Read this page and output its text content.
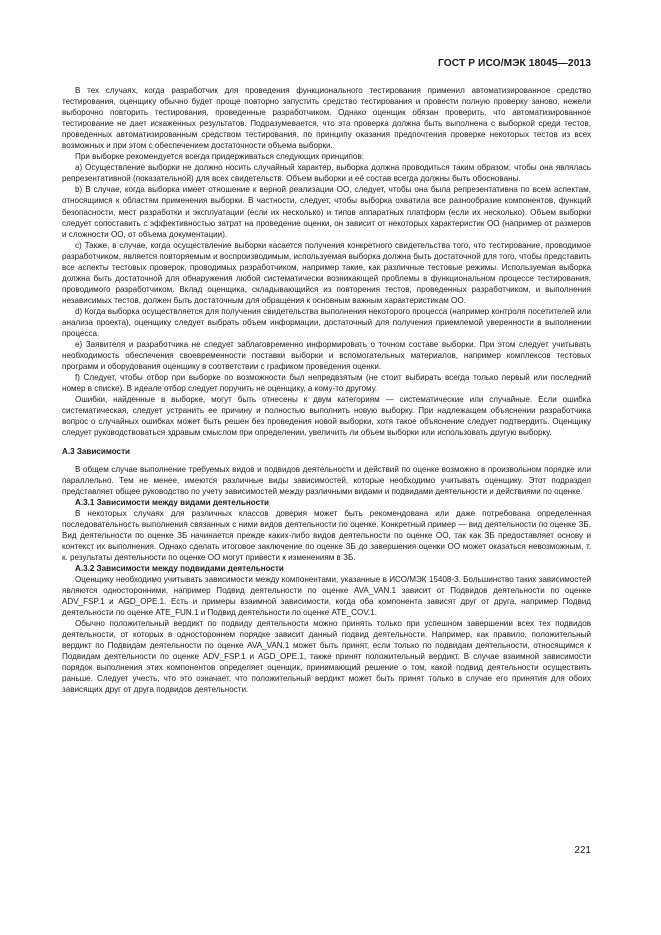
ГОСТ Р ИСО/МЭК 18045—2013

В тех случаях, когда разработчик для проведения функционального тестирования применил автоматизированное средство тестирования, оценщику обычно будет проще повторно запустить средство тестирования и провести полную проверку заново, нежели выборочно повторить тестирования, проведенные разработчиком. Однако оценщик обязан проверить, что автоматизированное тестирование не дает искаженных результатов. Подразумевается, что эта проверка должна быть выполнена с выборкой среди тестов, проведенных автоматизированным средством тестирования, по принципу оказания предпочтения проверке некоторых тестов из всех возможных и при этом с обеспечением достаточности объема выборки.

При выборке рекомендуется всегда придерживаться следующих принципов:

а) Осуществление выборки не должно носить случайный характер, выборка должна проводиться таким образом, чтобы она являлась репрезентативной (показательной) для всех свидетельств. Объем выборки и её состав всегда должны быть обоснованы.

b) В случае, когда выборка имеет отношение к верной реализации ОО, следует, чтобы она была репрезентативна по всем аспектам, относящимся к областям применения выборки. В частности, следует, чтобы выборка охватила все разнообразие компонентов, функций безопасности, мест разработки и эксплуатации (если их несколько) и типов аппаратных платформ (если их несколько). Объем выборки следует сопоставить с эффективностью затрат на проведение оценки, он зависит от некоторых характеристик ОО (например от размеров и сложности ОО, от объема документации).

c) Также, в случае, когда осуществление выборки касается получения конкретного свидетельства того, что тестирование, проводимое разработчиком, является повторяемым и воспроизводимым, используемая выборка должна быть достаточной для того, чтобы представить все аспекты тестовых проверок, проводимых разработчиком, например такие, как различные тестовые режимы. Используемая выборка должна быть достаточной для обнаружения любой систематически возникающей проблемы в функциональном процессе тестирования, проводимого разработчиком. Вклад оценщика, складывающийся из повторения тестов, проведенных разработчиком, и выполнения независимых тестов, должен быть достаточным для обращения к основным важным характеристикам ОО.

d) Когда выборка осуществляется для получения свидетельства выполнения некоторого процесса (например контроля посетителей или анализа проекта), оценщику следует выбрать объем информации, достаточный для получения приемлемой уверенности в выполнении процесса.

e) Заявителя и разработчика не следует заблаговременно информировать о точном составе выборки. При этом следует учитывать необходимость обеспечения своевременности поставки выборки и вспомогательных материалов, например комплексов тестовых программ и оборудования оценщику в соответствии с графиком проведения оценки.

f) Следует, чтобы отбор при выборке по возможности был непредвзятым (не стоит выбирать всегда только первый или последний номер в списке). В идеале отбор следует поручить не оценщику, а кому-то другому.

Ошибки, найденные в выборке, могут быть отнесены к двум категориям — систематические или случайные. Если ошибка систематическая, следует устранить ее причину и полностью выполнить новую выборку. При надлежащем объяснении разработчика вопрос о случайных ошибках может быть решен без проведения новой выборки, хотя такое объяснение следует подтвердить. Оценщику следует руководствоваться здравым смыслом при определении, увеличить ли объем выборки или использовать другую выборку.

A.3 Зависимости

В общем случае выполнение требуемых видов и подвидов деятельности и действий по оценке возможно в произвольном порядке или параллельно. Тем не менее, имеются различные виды зависимостей, которые необходимо учитывать оценщику. Этот подраздел представляет общее руководство по учету зависимостей между различными видами и подвидами деятельности и действиями по оценке.

A.3.1 Зависимости между видами деятельности

В некоторых случаях для различных классов доверия может быть рекомендована или даже потребована определенная последовательность выполнения связанных с ними видов деятельности по оценке. Конкретный пример — вид деятельности по оценке ЗБ. Вид деятельности по оценке ЗБ начинается прежде каких-либо видов деятельности по оценке ОО, так как ЗБ предоставляет основу и контекст их выполнения. Однако сделать итоговое заключение по оценке ЗБ до завершения оценки ОО может оказаться невозможным, т. к. результаты деятельности по оценке ОО могут привести к изменениям в ЗБ.

A.3.2 Зависимости между подвидами деятельности

Оценщику необходимо учитывать зависимости между компонентами, указанные в ИСО/МЭК 15408-3. Большинство таких зависимостей являются односторонними, например Подвид деятельности по оценке AVA_VAN.1 зависит от Подвидов деятельности по оценке ADV_FSP.1 и AGD_OPE.1. Есть и примеры взаимной зависимости, когда оба компонента зависят друг от друга, например Подвид деятельности по оценке ATE_FUN.1 и Подвид деятельности по оценке ATE_COV.1.

Обычно положительный вердикт по подвиду деятельности можно принять только при успешном завершении всех тех подвидов деятельности, от которых в одностороннем порядке зависит данный подвид деятельности. Например, как правило, положительный вердикт по Подвидам деятельности по оценке AVA_VAN.1 может быть принят, если только по подвидам деятельности, относящимся к Подвидам деятельности по оценке ADV_FSP.1 и AGD_OPE.1, также принят положительный вердикт. В случае взаимной зависимости порядок выполнения этих компонентов определяет оценщик, принимающий решение о том, какой подвид деятельности осуществить раньше. Следует учесть, что это означает, что положительный вердикт может быть принят только в случае его принятия для обоих зависящих друг от друга подвидов деятельности.

221
